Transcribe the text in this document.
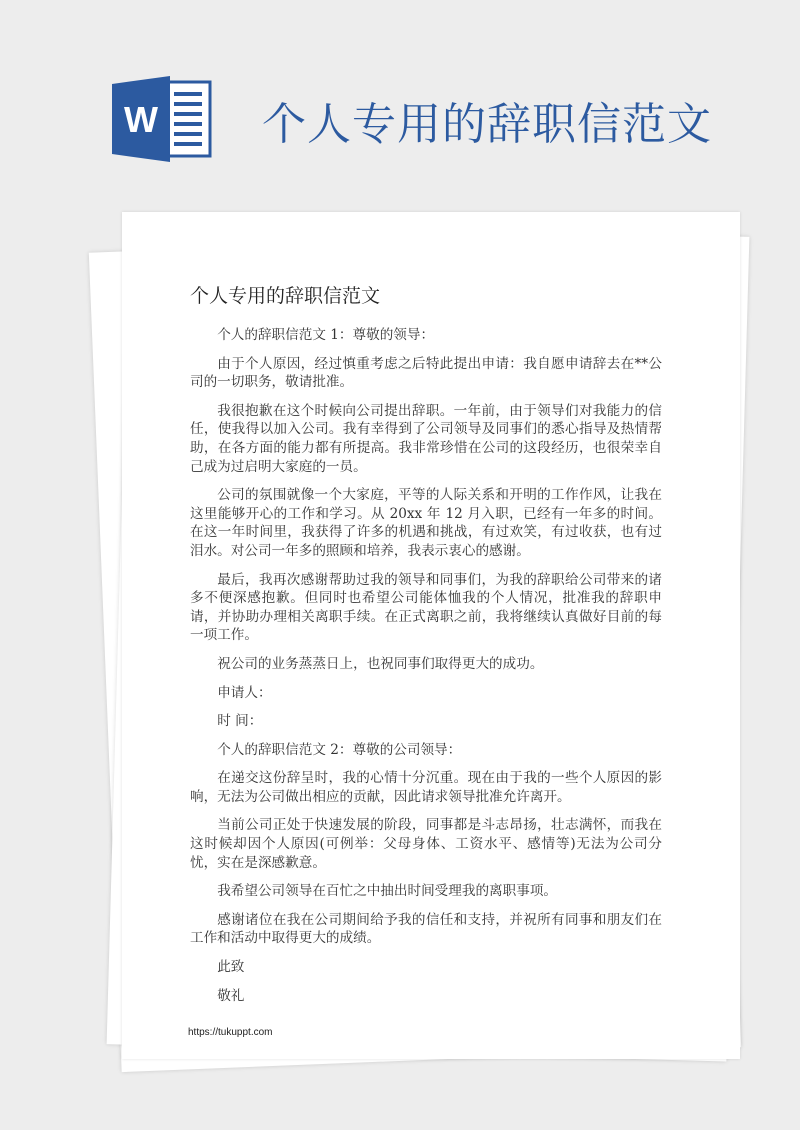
W 个人专用的辞职信范文
个人专用的辞职信范文

个人的辞职信范文 1：尊敬的领导：

由于个人原因，经过慎重考虑之后特此提出申请：我自愿申请辞去在**公司的一切职务，敬请批准。

我很抱歉在这个时候向公司提出辞职。一年前，由于领导们对我能力的信任，使我得以加入公司。我有幸得到了公司领导及同事们的悉心指导及热情帮助，在各方面的能力都有所提高。我非常珍惜在公司的这段经历，也很荣幸自己成为过启明大家庭的一员。

公司的氛围就像一个大家庭，平等的人际关系和开明的工作作风，让我在这里能够开心的工作和学习。从 20xx 年 12 月入职，已经有一年多的时间。在这一年时间里，我获得了许多的机遇和挑战，有过欢笑，有过收获，也有过泪水。对公司一年多的照顾和培养，我表示衷心的感谢。

最后，我再次感谢帮助过我的领导和同事们，为我的辞职给公司带来的诸多不便深感抱歉。但同时也希望公司能体恤我的个人情况，批准我的辞职申请，并协助办理相关离职手续。在正式离职之前，我将继续认真做好目前的每一项工作。

祝公司的业务蒸蒸日上，也祝同事们取得更大的成功。

申请人：

时 间：

个人的辞职信范文 2：尊敬的公司领导：

在递交这份辞呈时，我的心情十分沉重。现在由于我的一些个人原因的影响，无法为公司做出相应的贡献，因此请求领导批准允许离开。

当前公司正处于快速发展的阶段，同事都是斗志昂扬，壮志满怀，而我在这时候却因个人原因(可例举：父母身体、工资水平、感情等)无法为公司分忧，实在是深感歉意。

我希望公司领导在百忙之中抽出时间受理我的离职事项。

感谢诸位在我在公司期间给予我的信任和支持，并祝所有同事和朋友们在工作和活动中取得更大的成绩。

此致

敬礼

https://tukuppt.com
